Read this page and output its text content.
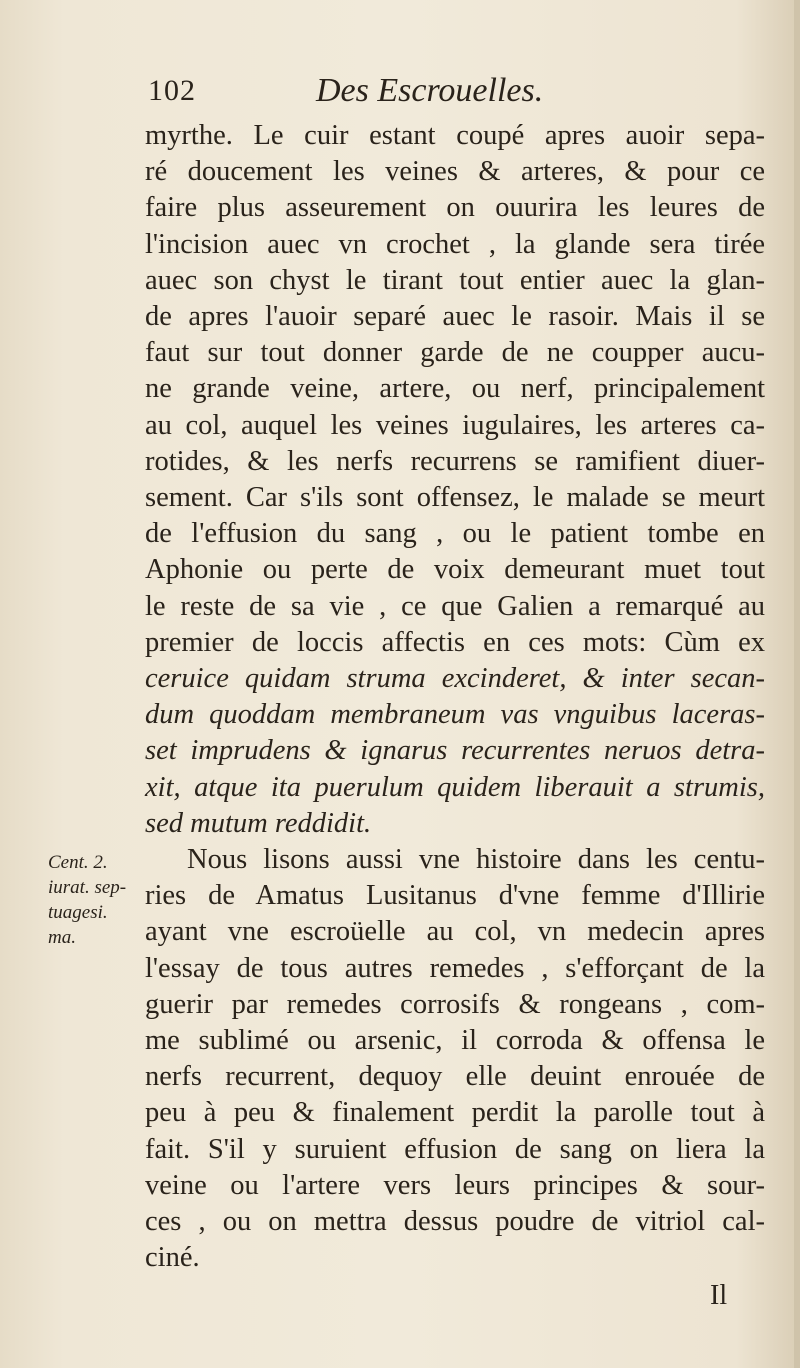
102	Des Escrouelles.
myrthe. Le cuir estant coupé apres auoir sepa-
ré doucement les veines & arteres, & pour ce
faire plus asseurement on ouurira les leures de
l'incision auec vn crochet , la glande sera tirée
auec son chyst le tirant tout entier auec la glan-
de apres l'auoir separé auec le rasoir. Mais il se
faut sur tout donner garde de ne coupper aucu-
ne grande veine, artere, ou nerf, principalement
au col, auquel les veines iugulaires, les arteres ca-
rotides, & les nerfs recurrens se ramifient diuer-
sement. Car s'ils sont offensez, le malade se meurt
de l'effusion du sang , ou le patient tombe en
Aphonie ou perte de voix demeurant muet tout
le reste de sa vie , ce que Galien a remarqué au
premier de loccis affectis en ces mots: Cùm ex
ceruice quidam struma excinderet, & inter secan-
dum quoddam membraneum vas vnguibus laceras-
set imprudens & ignarus recurrentes neruos detra-
xit, atque ita puerulum quidem liberauit a strumis,
sed mutum reddidit.
Nous lisons aussi vne histoire dans les centu-
ries de Amatus Lusitanus d'vne femme d'Illirie
ayant vne escroüelle au col, vn medecin apres
l'essay de tous autres remedes , s'efforçant de la
guerir par remedes corrosifs & rongeans , com-
me sublimé ou arsenic, il corroda & offensa le
nerfs recurrent, dequoy elle deuint enrouée de
peu à peu & finalement perdit la parolle tout à
fait. S'il y suruient effusion de sang on liera la
veine ou l'artere vers leurs principes & sour-
ces , ou on mettra dessus poudre de vitriol cal-
ciné.
Cent. 2.
iurat. sep-
tuagesi.
ma.
Il
